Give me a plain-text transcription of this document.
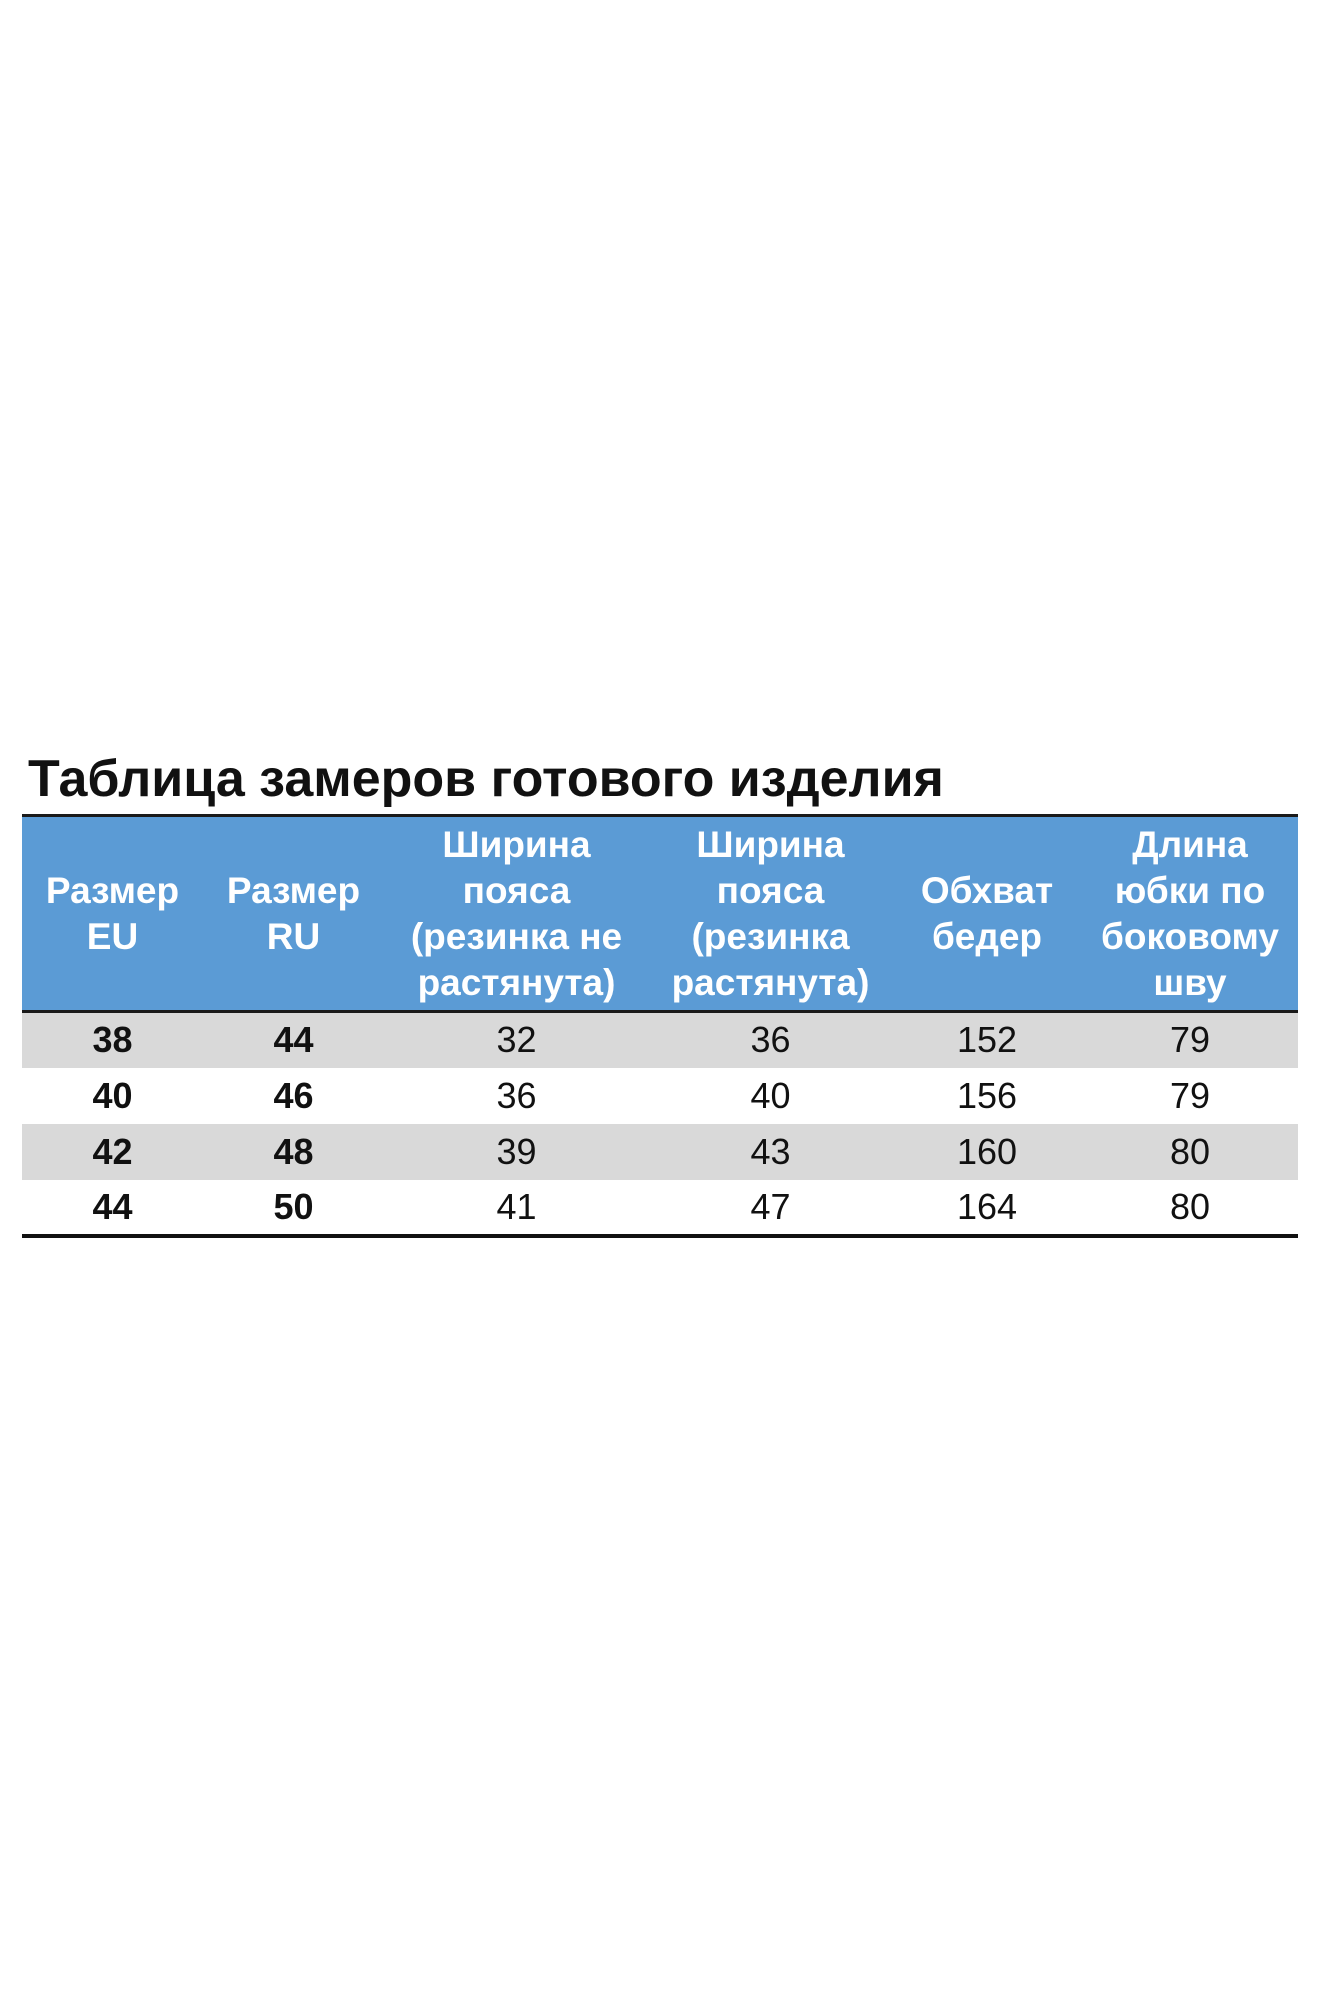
Таблица замеров готового изделия
Размер
EU	Размер
RU	Ширина
пояса
(резинка не
растянута)	Ширина
пояса
(резинка
растянута)	Обхват
бедер	Длина
юбки по
боковому
шву
38	44	32	36	152	79
40	46	36	40	156	79
42	48	39	43	160	80
44	50	41	47	164	80
